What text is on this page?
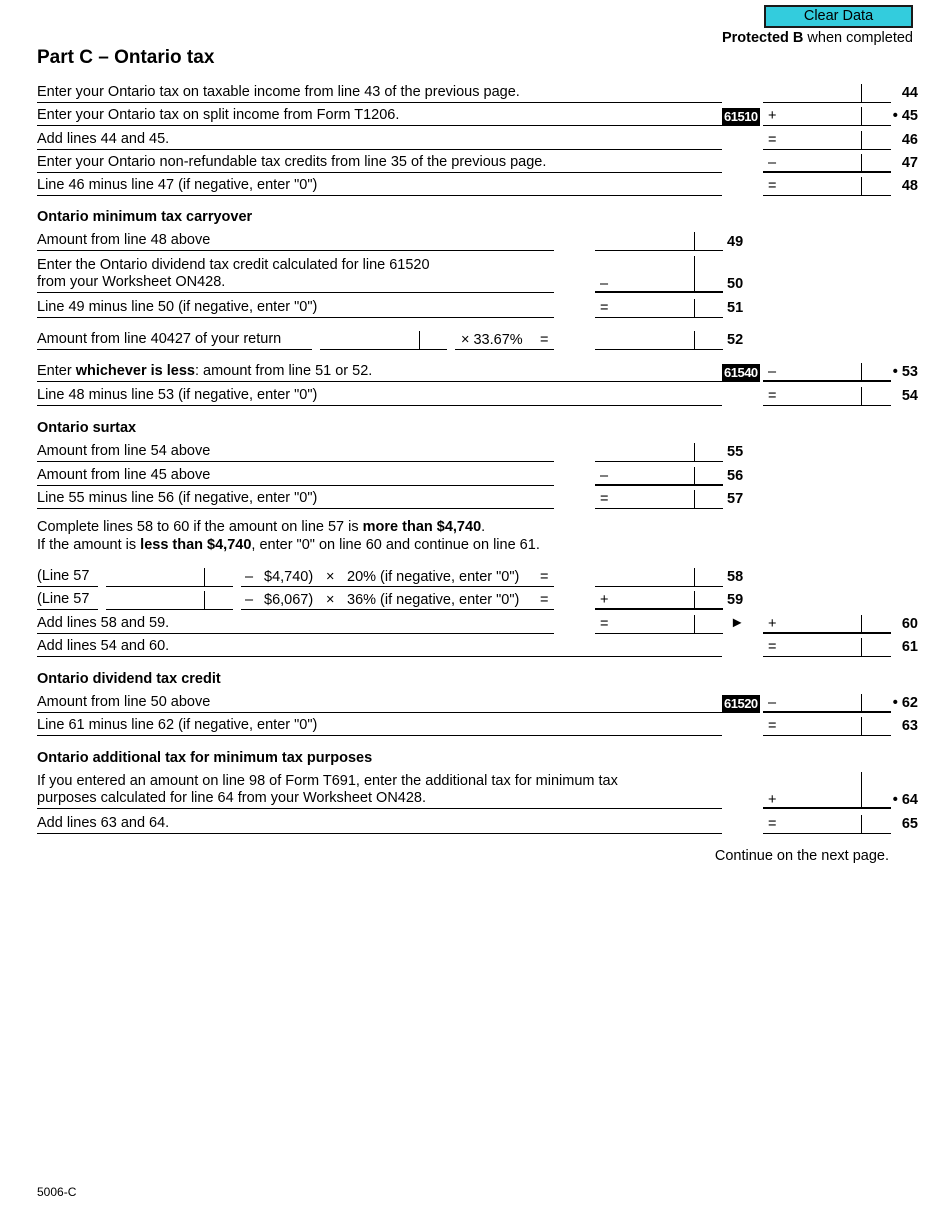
Clear Data
Protected B when completed
Part C – Ontario tax
Enter your Ontario tax on taxable income from line 43 of the previous page.	44
Enter your Ontario tax on split income from Form T1206.	61510 +	• 45
Add lines 44 and 45.	=	46
Enter your Ontario non-refundable tax credits from line 35 of the previous page.	–	47
Line 46 minus line 47 (if negative, enter "0")	=	48
Ontario minimum tax carryover
Amount from line 48 above	49
Enter the Ontario dividend tax credit calculated for line 61520
from your Worksheet ON428.	–	50
Line 49 minus line 50 (if negative, enter "0")	=	51
Amount from line 40427 of your return	× 33.67% =	52
Enter whichever is less: amount from line 51 or 52.	61540 –	• 53
Line 48 minus line 53 (if negative, enter "0")	=	54
Ontario surtax
Amount from line 54 above	55
Amount from line 45 above	–	56
Line 55 minus line 56 (if negative, enter "0")	=	57
Complete lines 58 to 60 if the amount on line 57 is more than $4,740.
If the amount is less than $4,740, enter "0" on line 60 and continue on line 61.
(Line 57	– $4,740) × 20% (if negative, enter "0") =	58
(Line 57	– $6,067) × 36% (if negative, enter "0") =	+	59
Add lines 58 and 59.	=	► +	60
Add lines 54 and 60.	=	61
Ontario dividend tax credit
Amount from line 50 above	61520 –	• 62
Line 61 minus line 62 (if negative, enter "0")	=	63
Ontario additional tax for minimum tax purposes
If you entered an amount on line 98 of Form T691, enter the additional tax for minimum tax
purposes calculated for line 64 from your Worksheet ON428.	+	• 64
Add lines 63 and 64.	=	65
Continue on the next page.
5006-C
